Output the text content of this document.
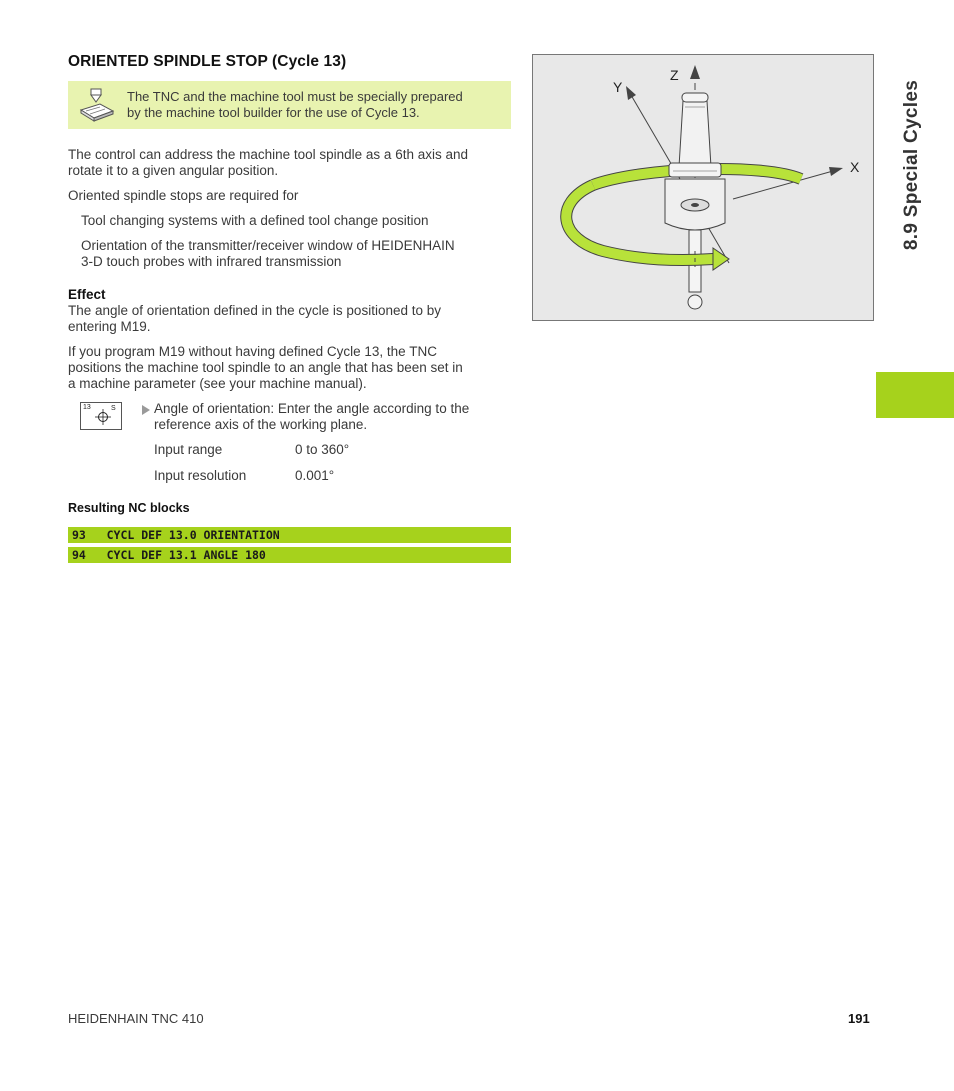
ORIENTED SPINDLE STOP (Cycle 13)
The TNC and the machine tool must be specially prepared
by the machine tool builder for the use of Cycle 13.
The control can address the machine tool spindle as a 6th axis and
rotate it to a given angular position.
Oriented spindle stops are required for
Tool changing systems with a defined tool change position
Orientation of the transmitter/receiver window of HEIDENHAIN
3-D touch probes with infrared transmission
Effect
The angle of orientation defined in the cycle is positioned to by
entering M19.
If you program M19 without having defined Cycle 13, the TNC
positions the machine tool spindle to an angle that has been set in
a machine parameter (see your machine manual).
13	S	Angle of orientation: Enter the angle according to the
reference axis of the working plane.
Input range	0 to 360°
Input resolution	0.001°
Resulting NC blocks
93   CYCL DEF 13.0 ORIENTATION
94   CYCL DEF 13.1 ANGLE 180
Z
Y
X 8.9 Special Cycles
HEIDENHAIN TNC 410	191
